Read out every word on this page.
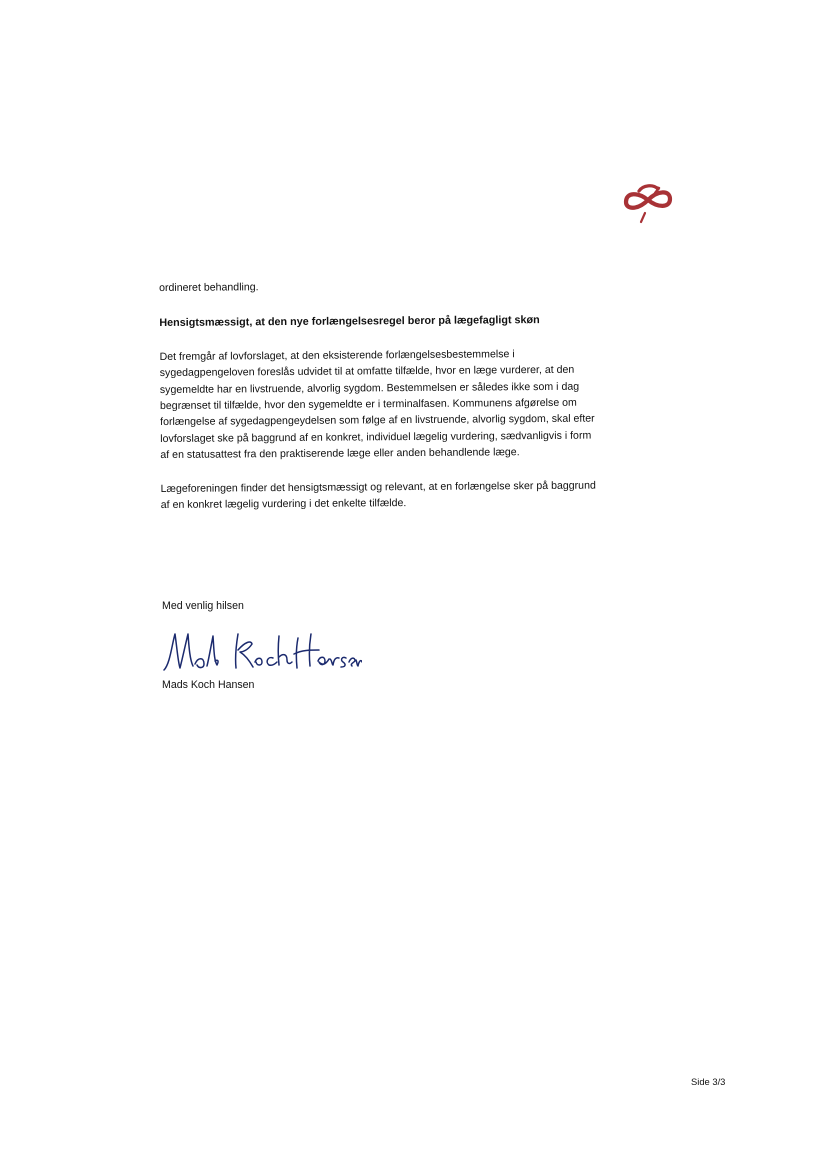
ordineret behandling.

Hensigtsmæssigt, at den nye forlængelsesregel beror på lægefagligt skøn

Det fremgår af lovforslaget, at den eksisterende forlængelsesbestemmelse i sygedagpengeloven foreslås udvidet til at omfatte tilfælde, hvor en læge vurderer, at den sygemeldte har en livstruende, alvorlig sygdom. Bestemmelsen er således ikke som i dag begrænset til tilfælde, hvor den sygemeldte er i terminalfasen. Kommunens afgørelse om forlængelse af sygedagpengeydelsen som følge af en livstruende, alvorlig sygdom, skal efter lovforslaget ske på baggrund af en konkret, individuel lægelig vurdering, sædvanligvis i form af en statusattest fra den praktiserende læge eller anden behandlende læge.

Lægeforeningen finder det hensigtsmæssigt og relevant, at en forlængelse sker på baggrund af en konkret lægelig vurdering i det enkelte tilfælde.

Med venlig hilsen

Mads Koch Hansen

Mads Koch Hansen

Side 3/3
